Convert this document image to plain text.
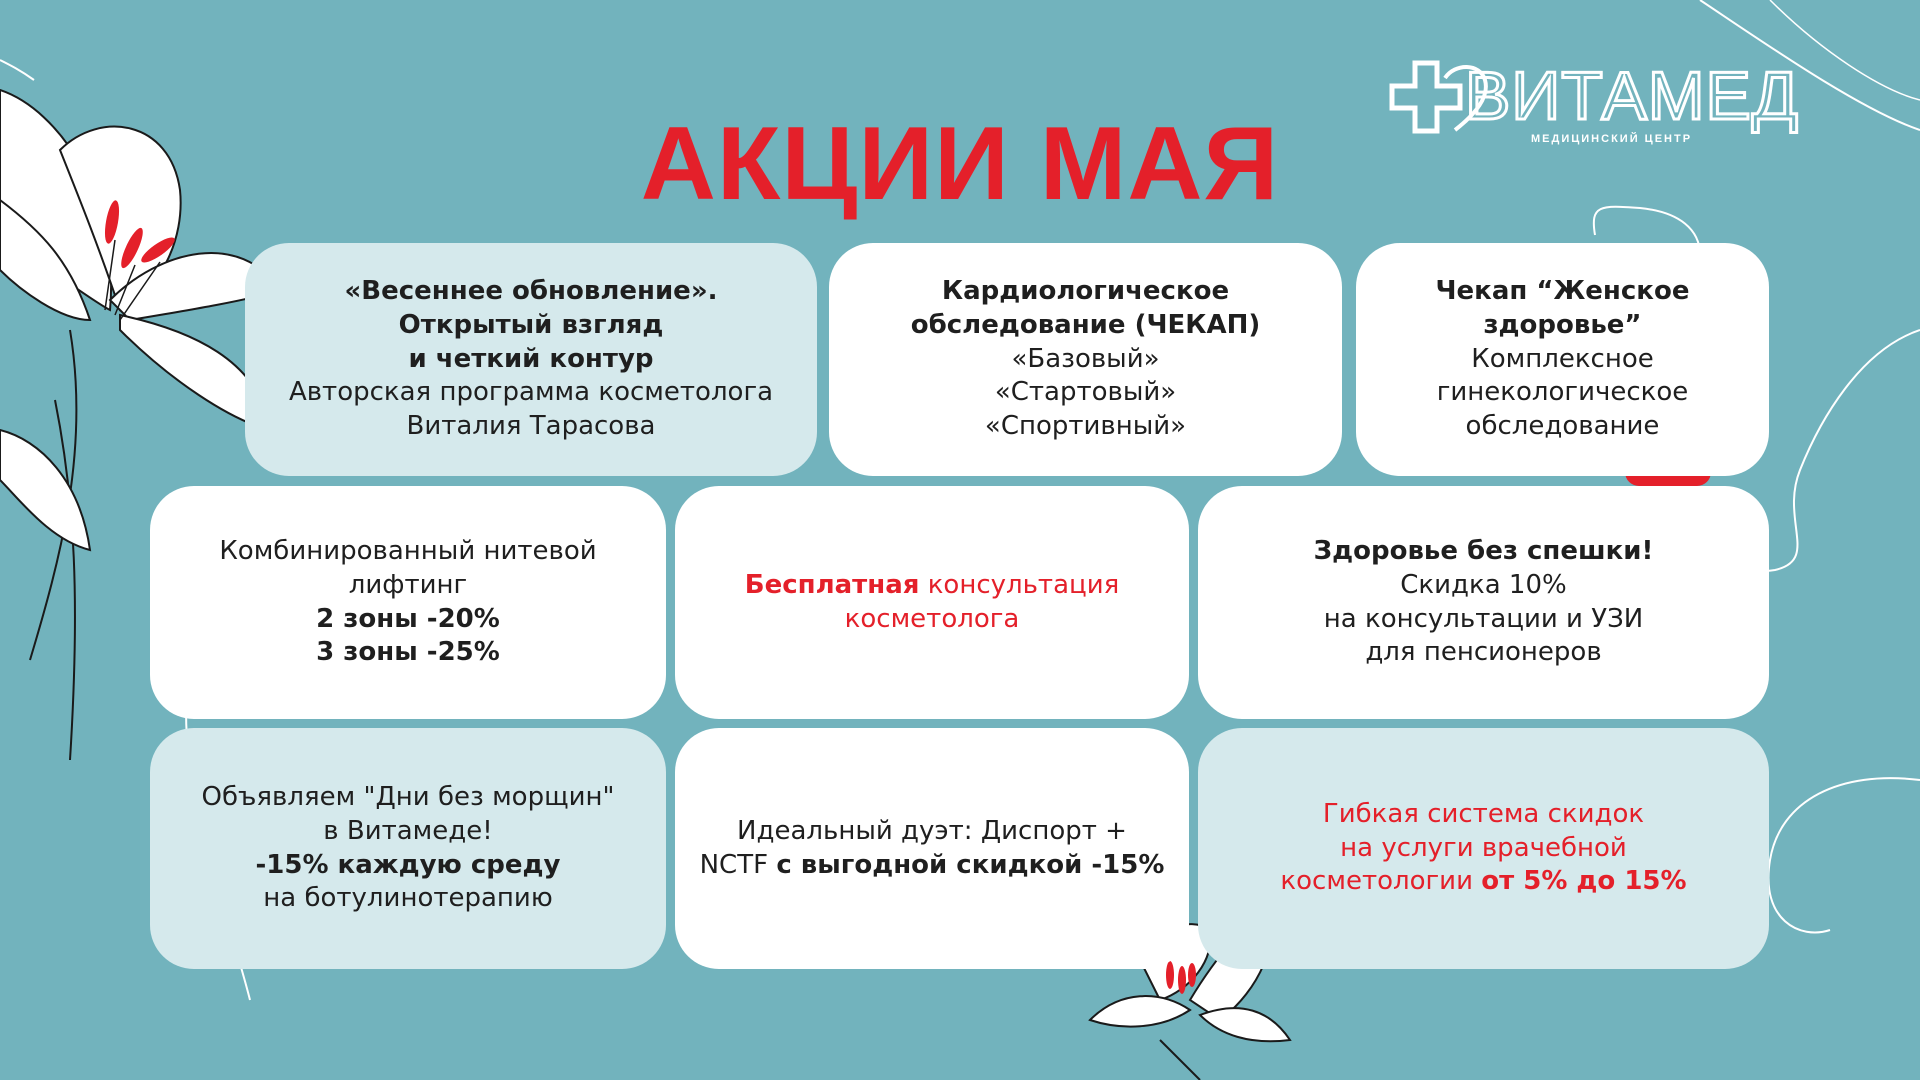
ВИТАМЕД
МЕДИЦИНСКИЙ ЦЕНТР
АКЦИИ МАЯ
«Весеннее обновление».
Открытый взгляд
и четкий контур
Авторская программа косметолога
Виталия Тарасова
Кардиологическое
обследование (ЧЕКАП)
«Базовый»
«Стартовый»
«Спортивный»
Чекап “Женское
здоровье”
Комплексное
гинекологическое
обследование
Комбинированный нитевой
лифтинг
2 зоны -20%
3 зоны -25%
Бесплатная консультация
косметолога
Здоровье без спешки!
Скидка 10%
на консультации и УЗИ
для пенсионеров
Объявляем "Дни без морщин"
в Витамеде!
-15% каждую среду
на ботулинотерапию
Идеальный дуэт: Диспорт +
NCTF с выгодной скидкой -15%
Гибкая система скидок
на услуги врачебной
косметологии от 5% до 15%
